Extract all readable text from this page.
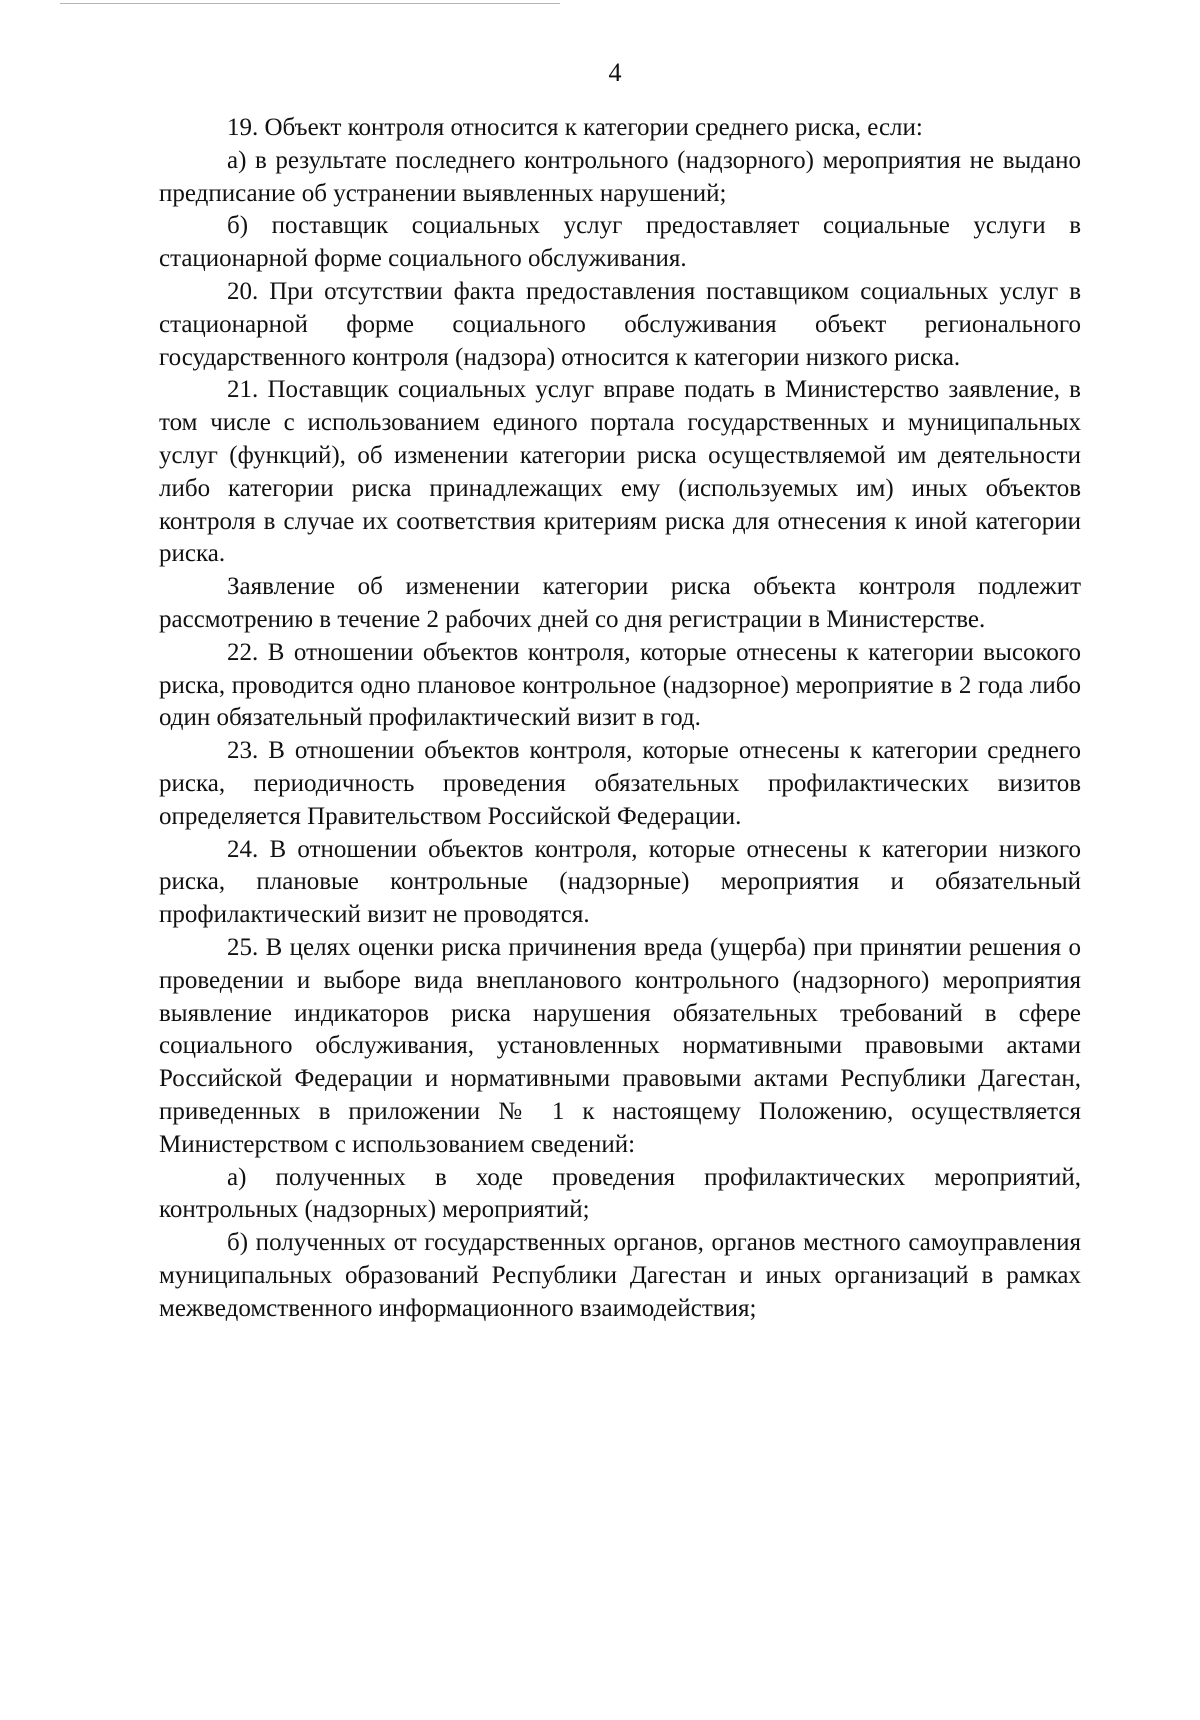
4

19. Объект контроля относится к категории среднего риска, если:

а) в результате последнего контрольного (надзорного) мероприятия не выдано предписание об устранении выявленных нарушений;

б) поставщик социальных услуг предоставляет социальные услуги в стационарной форме социального обслуживания.

20. При отсутствии факта предоставления поставщиком социальных услуг в стационарной форме социального обслуживания объект регионального государственного контроля (надзора) относится к категории низкого риска.

21. Поставщик социальных услуг вправе подать в Министерство заявление, в том числе с использованием единого портала государственных и муниципальных услуг (функций), об изменении категории риска осуществляемой им деятельности либо категории риска принадлежащих ему (используемых им) иных объектов контроля в случае их соответствия критериям риска для отнесения к иной категории риска.

Заявление об изменении категории риска объекта контроля подлежит рассмотрению в течение 2 рабочих дней со дня регистрации в Министерстве.

22. В отношении объектов контроля, которые отнесены к категории высокого риска, проводится одно плановое контрольное (надзорное) мероприятие в 2 года либо один обязательный профилактический визит в год.

23. В отношении объектов контроля, которые отнесены к категории среднего риска, периодичность проведения обязательных профилактических визитов определяется Правительством Российской Федерации.

24. В отношении объектов контроля, которые отнесены к категории низкого риска, плановые контрольные (надзорные) мероприятия и обязательный профилактический визит не проводятся.

25. В целях оценки риска причинения вреда (ущерба) при принятии решения о проведении и выборе вида внепланового контрольного (надзорного) мероприятия выявление индикаторов риска нарушения обязательных требований в сфере социального обслуживания, установленных нормативными правовыми актами Российской Федерации и нормативными правовыми актами Республики Дагестан, приведенных в приложении № 1 к настоящему Положению, осуществляется Министерством с использованием сведений:

а) полученных в ходе проведения профилактических мероприятий, контрольных (надзорных) мероприятий;

б) полученных от государственных органов, органов местного самоуправления муниципальных образований Республики Дагестан и иных организаций в рамках межведомственного информационного взаимодействия;
